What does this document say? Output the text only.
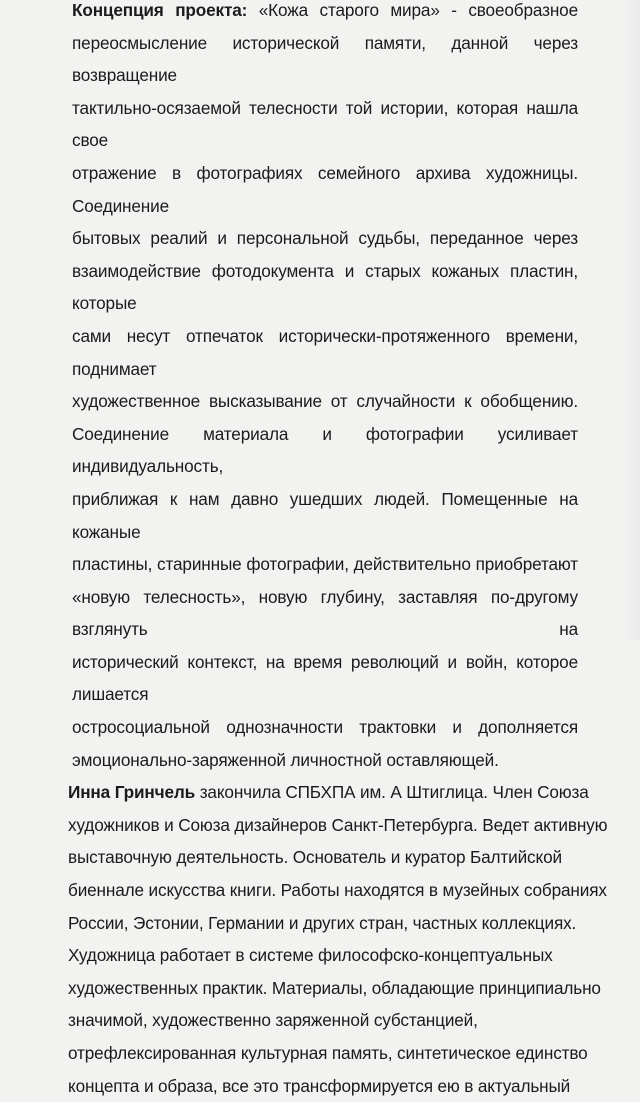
Концепция проекта: «Кожа старого мира» - своеобразное
переосмысление исторической памяти, данной через возвращение
тактильно-осязаемой телесности той истории, которая нашла свое
отражение в фотографиях семейного архива художницы. Соединение
бытовых реалий и персональной судьбы, переданное через
взаимодействие фотодокумента и старых кожаных пластин, которые
сами несут отпечаток исторически-протяженного времени, поднимает
художественное высказывание от случайности к обобщению.
Соединение материала и фотографии усиливает индивидуальность,
приближая к нам давно ушедших людей. Помещенные на кожаные
пластины, старинные фотографии, действительно приобретают
«новую телесность», новую глубину, заставляя по-другому взглянуть на
исторический контекст, на время революций и войн, которое лишается
остросоциальной однозначности трактовки и дополняется
эмоционально-заряженной личностной оставляющей.
Инна Гринчель закончила СПБХПА им. А Штиглица. Член Союза
художников и Союза дизайнеров Санкт-Петербурга. Ведет активную
выставочную деятельность. Основатель и куратор Балтийской
биеннале искусства книги. Работы находятся в музейных собраниях
России, Эстонии, Германии и других стран, частных коллекциях.
Художница работает в системе философско-концептуальных
художественных практик. Материалы, обладающие принципиально
значимой, художественно заряженной субстанцией,
отрефлексированная культурная память, синтетическое единство
концепта и образа, все это трансформируется ею в актуальный
